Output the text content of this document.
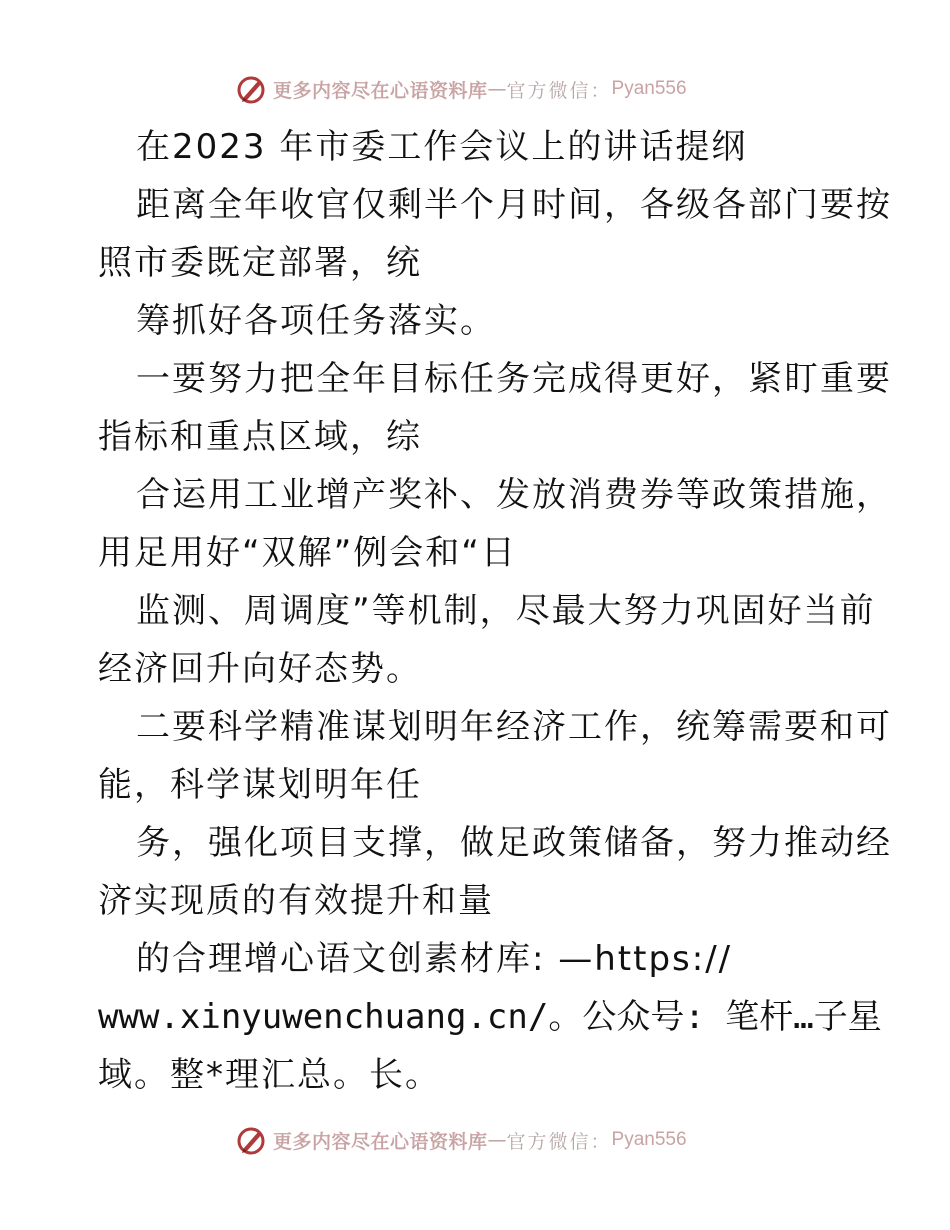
更多内容尽在心语资料库 — 官方微信： Pyan556
在2023 年市委工作会议上的讲话提纲
距离全年收官仅剩半个月时间，各级各部门要按
照市委既定部署，统
筹抓好各项任务落实。
一要努力把全年目标任务完成得更好，紧盯重要
指标和重点区域，综
合运用工业增产奖补、发放消费券等政策措施，
用足用好“双解”例会和“日
监测、周调度”等机制，尽最大努力巩固好当前
经济回升向好态势。
二要科学精准谋划明年经济工作，统筹需要和可
能，科学谋划明年任
务，强化项目支撑，做足政策储备，努力推动经
济实现质的有效提升和量
的合理增心语文创素材库: —https://
www.xinyuwenchuang.cn/。公众号: 笔杆…子星
域。整*理汇总。长。
更多内容尽在心语资料库 — 官方微信： Pyan556
